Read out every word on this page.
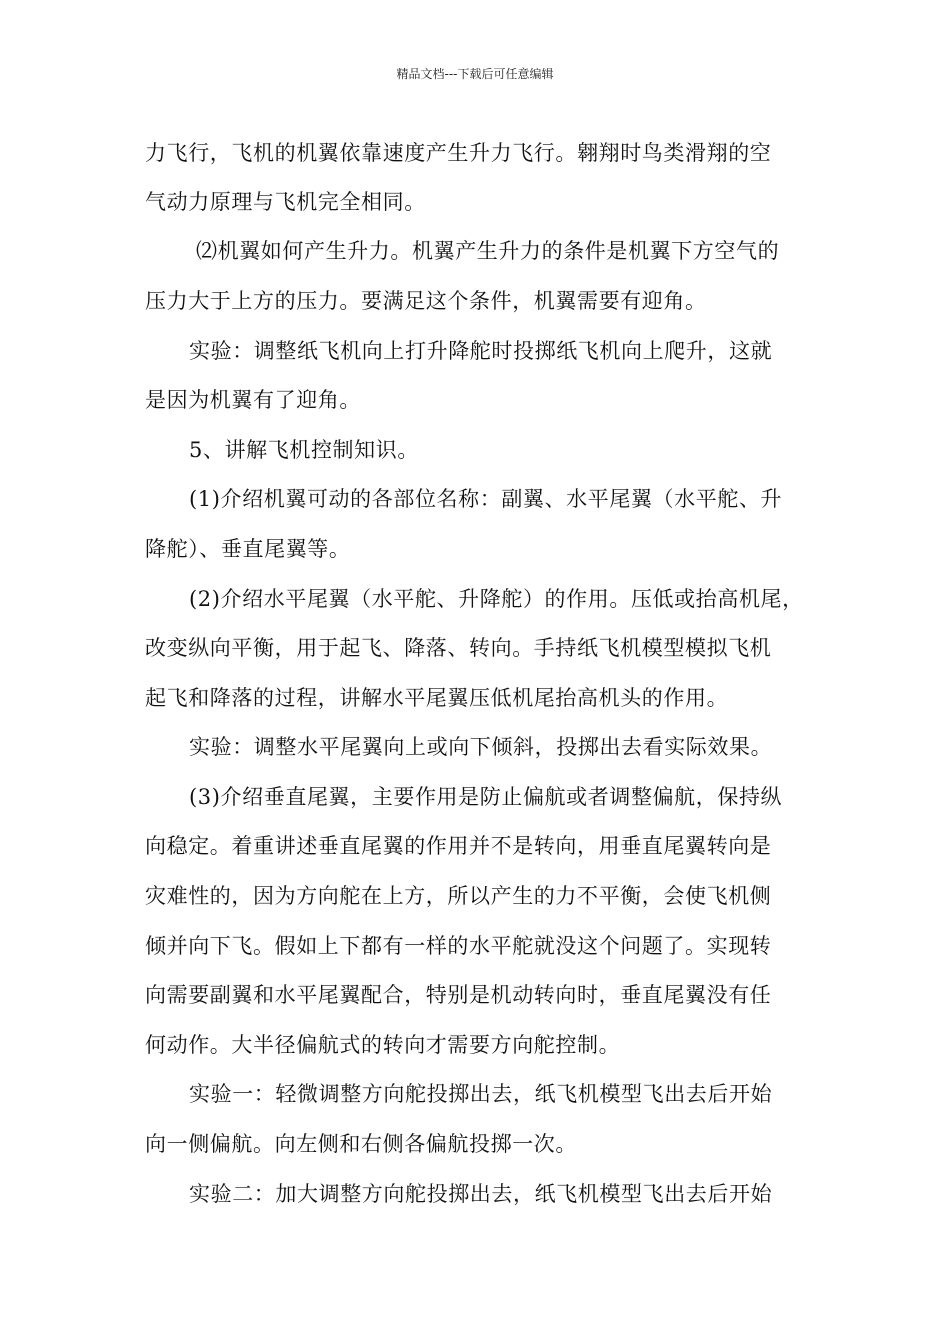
精品文档---下载后可任意编辑
力飞行，飞机的机翼依靠速度产生升力飞行。翱翔时鸟类滑翔的空
气动力原理与飞机完全相同。
⑵机翼如何产生升力。机翼产生升力的条件是机翼下方空气的
压力大于上方的压力。要满足这个条件，机翼需要有迎角。
实验：调整纸飞机向上打升降舵时投掷纸飞机向上爬升，这就
是因为机翼有了迎角。
5、讲解飞机控制知识。
(1)介绍机翼可动的各部位名称：副翼、水平尾翼（水平舵、升
降舵）、垂直尾翼等。
(2)介绍水平尾翼（水平舵、升降舵）的作用。压低或抬高机尾，
改变纵向平衡，用于起飞、降落、转向。手持纸飞机模型模拟飞机
起飞和降落的过程，讲解水平尾翼压低机尾抬高机头的作用。
实验：调整水平尾翼向上或向下倾斜，投掷出去看实际效果。
(3)介绍垂直尾翼，主要作用是防止偏航或者调整偏航，保持纵
向稳定。着重讲述垂直尾翼的作用并不是转向，用垂直尾翼转向是
灾难性的，因为方向舵在上方，所以产生的力不平衡，会使飞机侧
倾并向下飞。假如上下都有一样的水平舵就没这个问题了。实现转
向需要副翼和水平尾翼配合，特别是机动转向时，垂直尾翼没有任
何动作。大半径偏航式的转向才需要方向舵控制。
实验一：轻微调整方向舵投掷出去，纸飞机模型飞出去后开始
向一侧偏航。向左侧和右侧各偏航投掷一次。
实验二：加大调整方向舵投掷出去，纸飞机模型飞出去后开始
